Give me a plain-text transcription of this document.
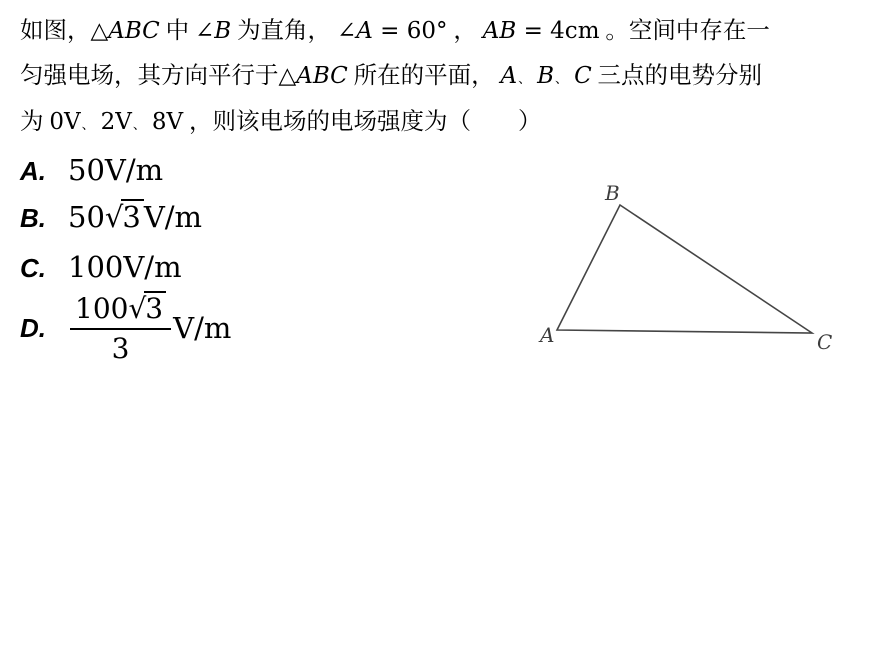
如图，△ABC 中 ∠B 为直角， ∠A = 60° ， AB = 4cm 。空间中存在一
匀强电场，其方向平行于△ABC 所在的平面， A、 B、 C 三点的电势分别
为 0V、 2V、 8V ，则该电场的电场强度为（　　）
A. 50V/m
B. 50√3 V/m
C. 100V/m
D. $\frac{100√3}{3} V/m$	A
B
C
